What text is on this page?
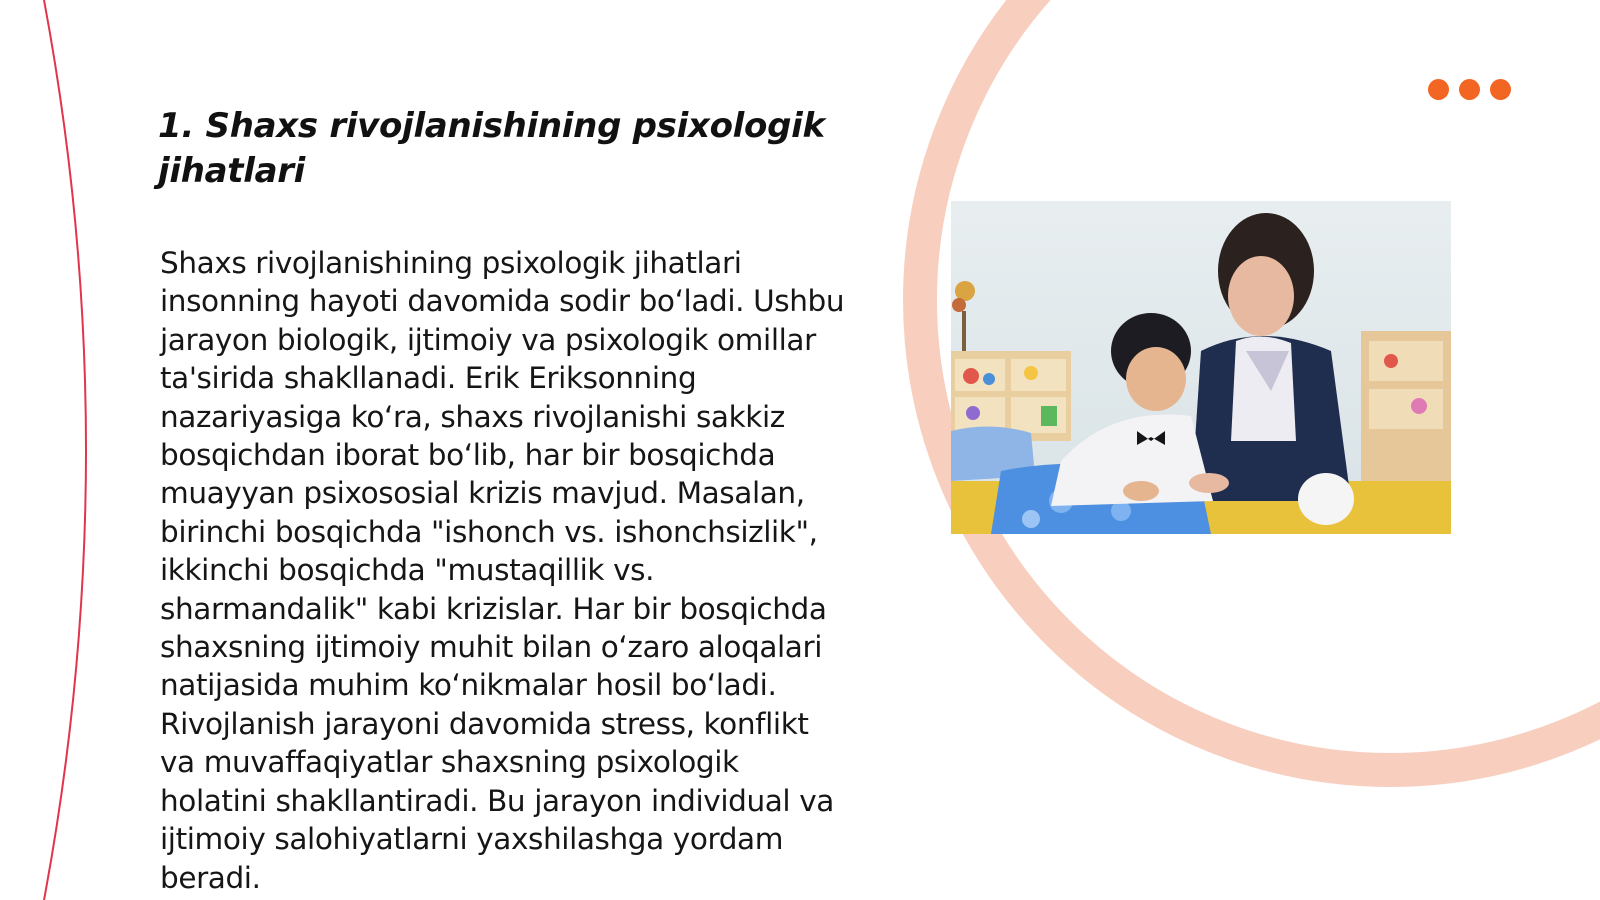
1. Shaxs rivojlanishining psixologik jihatlari

Shaxs rivojlanishining psixologik jihatlari insonning hayoti davomida sodir bo‘ladi. Ushbu jarayon biologik, ijtimoiy va psixologik omillar ta'sirida shakllanadi. Erik Eriksonning nazariyasiga ko‘ra, shaxs rivojlanishi sakkiz bosqichdan iborat bo‘lib, har bir bosqichda muayyan psixososial krizis mavjud. Masalan, birinchi bosqichda "ishonch vs. ishonchsizlik", ikkinchi bosqichda "mustaqillik vs. sharmandalik" kabi krizislar. Har bir bosqichda shaxsning ijtimoiy muhit bilan o‘zaro aloqalari natijasida muhim ko‘nikmalar hosil bo‘ladi. Rivojlanish jarayoni davomida stress, konflikt va muvaffaqiyatlar shaxsning psixologik holatini shakllantiradi. Bu jarayon individual va ijtimoiy salohiyatlarni yaxshilashga yordam beradi.
